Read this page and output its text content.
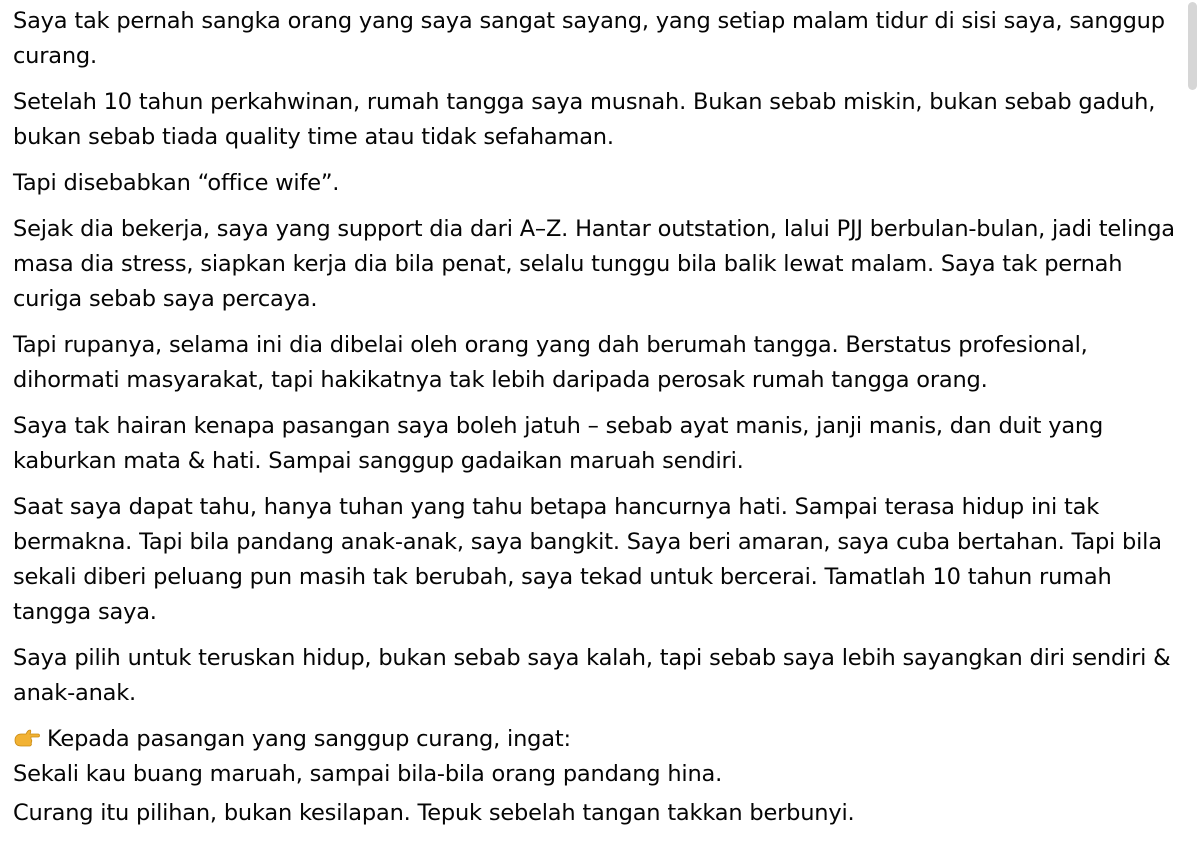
Saya tak pernah sangka orang yang saya sangat sayang, yang setiap malam tidur di sisi saya, sanggup curang.

Setelah 10 tahun perkahwinan, rumah tangga saya musnah. Bukan sebab miskin, bukan sebab gaduh, bukan sebab tiada quality time atau tidak sefahaman.

Tapi disebabkan “office wife”.

Sejak dia bekerja, saya yang support dia dari A–Z. Hantar outstation, lalui PJJ berbulan-bulan, jadi telinga masa dia stress, siapkan kerja dia bila penat, selalu tunggu bila balik lewat malam. Saya tak pernah curiga sebab saya percaya.

Tapi rupanya, selama ini dia dibelai oleh orang yang dah berumah tangga. Berstatus profesional, dihormati masyarakat, tapi hakikatnya tak lebih daripada perosak rumah tangga orang.

Saya tak hairan kenapa pasangan saya boleh jatuh – sebab ayat manis, janji manis, dan duit yang kaburkan mata & hati. Sampai sanggup gadaikan maruah sendiri.

Saat saya dapat tahu, hanya tuhan yang tahu betapa hancurnya hati. Sampai terasa hidup ini tak bermakna. Tapi bila pandang anak-anak, saya bangkit. Saya beri amaran, saya cuba bertahan. Tapi bila sekali diberi peluang pun masih tak berubah, saya tekad untuk bercerai. Tamatlah 10 tahun rumah tangga saya.

Saya pilih untuk teruskan hidup, bukan sebab saya kalah, tapi sebab saya lebih sayangkan diri sendiri & anak-anak.

Kepada pasangan yang sanggup curang, ingat:
Sekali kau buang maruah, sampai bila-bila orang pandang hina.

Curang itu pilihan, bukan kesilapan. Tepuk sebelah tangan takkan berbunyi.
